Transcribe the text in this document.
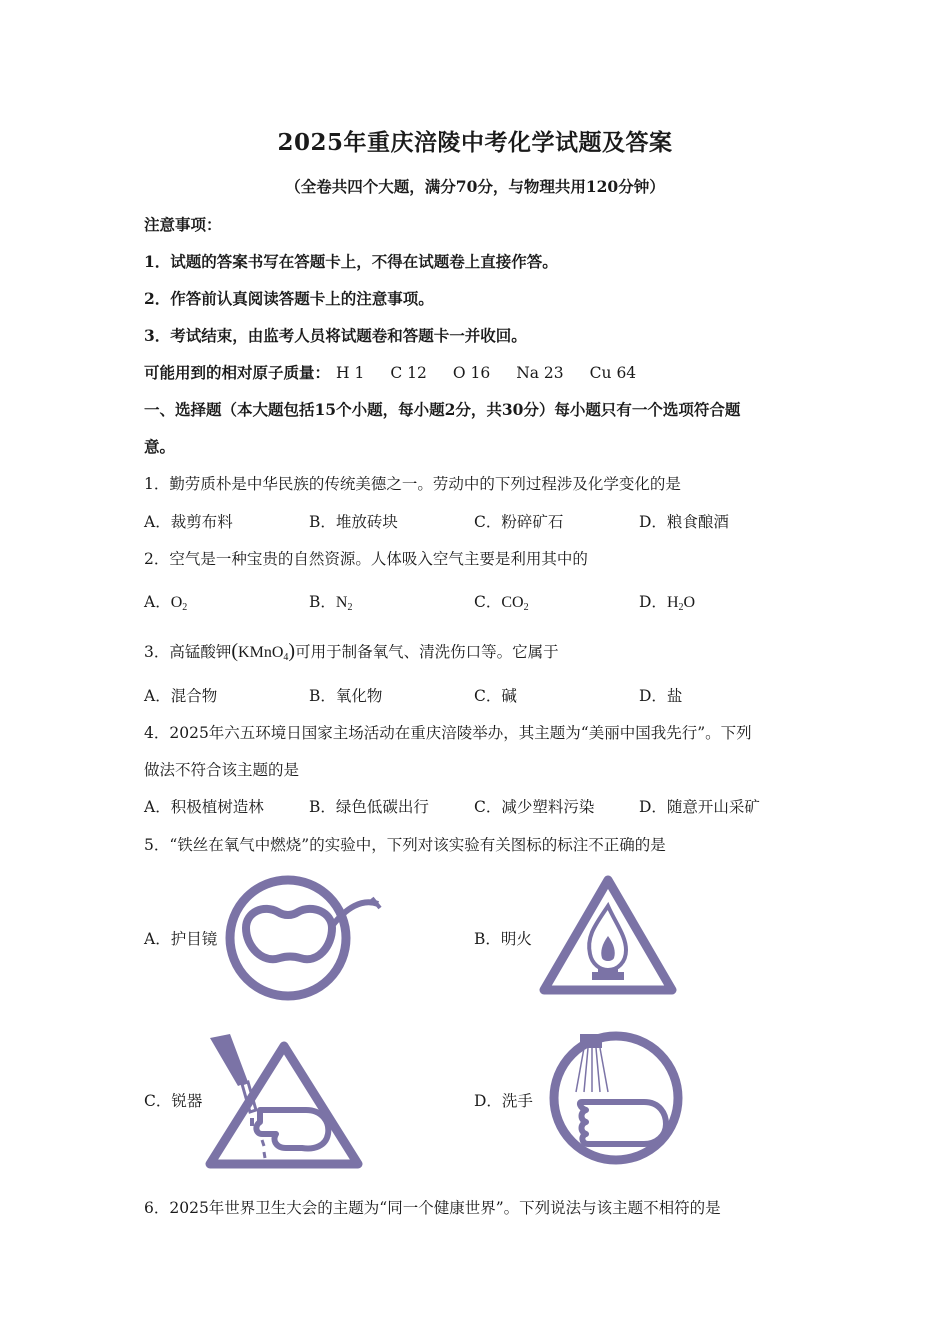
2025年重庆涪陵中考化学试题及答案
（全卷共四个大题，满分70分，与物理共用120分钟）
注意事项：
1．试题的答案书写在答题卡上，不得在试题卷上直接作答。
2．作答前认真阅读答题卡上的注意事项。
3．考试结束，由监考人员将试题卷和答题卡一并收回。
可能用到的相对原子质量： H 1 C 12 O 16 Na 23 Cu 64
一、选择题（本大题包括15个小题，每小题2分，共30分）每小题只有一个选项符合题
意。
1．勤劳质朴是中华民族的传统美德之一。劳动中的下列过程涉及化学变化的是
A．裁剪布料	B．堆放砖块	C．粉碎矿石	D．粮食酿酒
2．空气是一种宝贵的自然资源。人体吸入空气主要是利用其中的
A．$O_2$	B．$N_2$	C．$CO_2$	D．$H_2O$
3．高锰酸钾(KMnO$_4$)可用于制备氧气、清洗伤口等。它属于
A．混合物	B．氧化物	C．碱	D．盐
4．2025年六五环境日国家主场活动在重庆涪陵举办，其主题为“美丽中国我先行”。下列
做法不符合该主题的是
A．积极植树造林	B．绿色低碳出行	C．减少塑料污染	D．随意开山采矿
5．“铁丝在氧气中燃烧”的实验中，下列对该实验有关图标的标注不正确的是
A．护目镜	B．明火
C．锐器	D．洗手
6．2025年世界卫生大会的主题为“同一个健康世界”。下列说法与该主题不相符的是
